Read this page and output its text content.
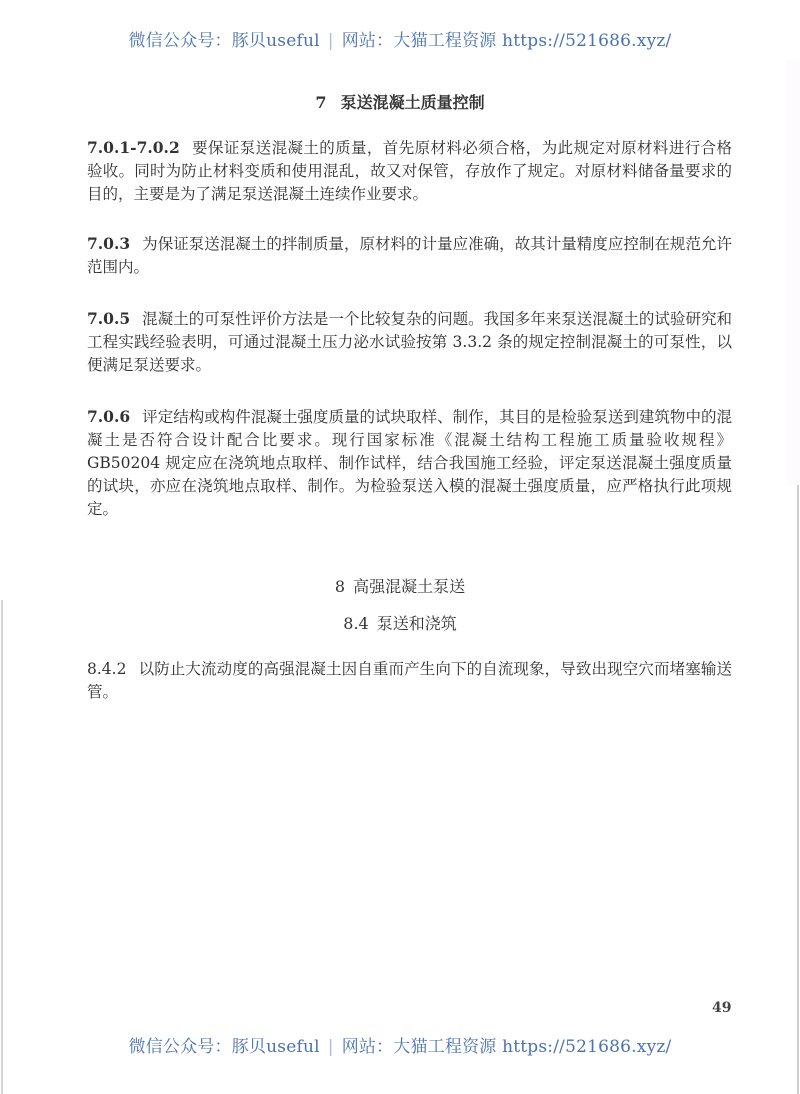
微信公众号：豚贝useful | 网站：大猫工程资源 https://521686.xyz/
7 泵送混凝土质量控制
7.0.1-7.0.2 要保证泵送混凝土的质量，首先原材料必须合格，为此规定对原材料进行合格验收。同时为防止材料变质和使用混乱，故又对保管，存放作了规定。对原材料储备量要求的目的，主要是为了满足泵送混凝土连续作业要求。
7.0.3 为保证泵送混凝土的拌制质量，原材料的计量应准确，故其计量精度应控制在规范允许范围内。
7.0.5 混凝土的可泵性评价方法是一个比较复杂的问题。我国多年来泵送混凝土的试验研究和工程实践经验表明，可通过混凝土压力泌水试验按第 3.3.2 条的规定控制混凝土的可泵性，以便满足泵送要求。
7.0.6 评定结构或构件混凝土强度质量的试块取样、制作，其目的是检验泵送到建筑物中的混凝土是否符合设计配合比要求。现行国家标准《混凝土结构工程施工质量验收规程》GB50204 规定应在浇筑地点取样、制作试样，结合我国施工经验，评定泵送混凝土强度质量的试块，亦应在浇筑地点取样、制作。为检验泵送入模的混凝土强度质量，应严格执行此项规定。
8 高强混凝土泵送
8.4 泵送和浇筑
8.4.2 以防止大流动度的高强混凝土因自重而产生向下的自流现象，导致出现空穴而堵塞输送管。
49
微信公众号：豚贝useful | 网站：大猫工程资源 https://521686.xyz/
